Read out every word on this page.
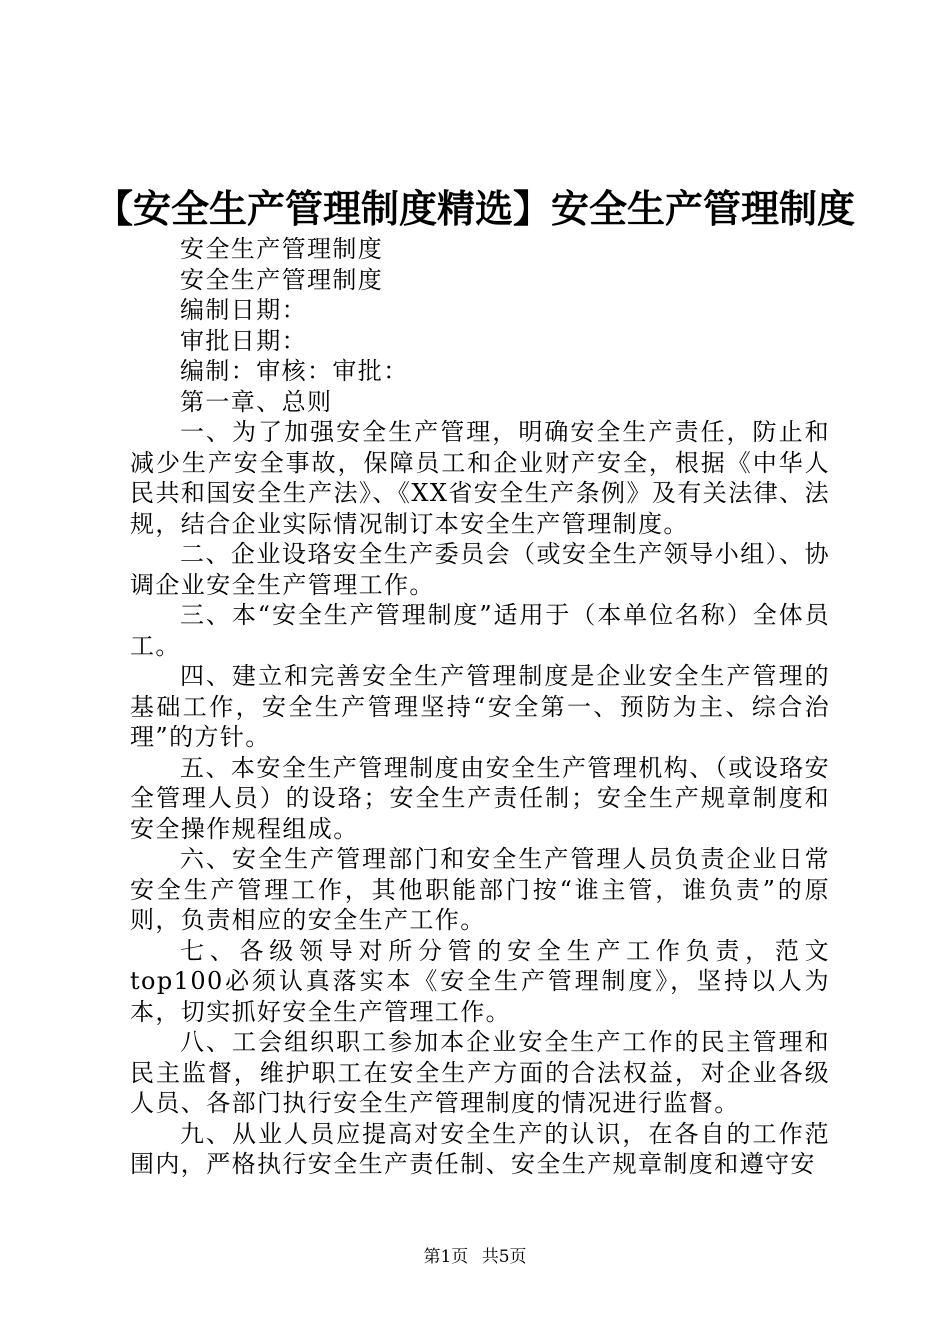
【安全生产管理制度精选】安全生产管理制度

安全生产管理制度

安全生产管理制度

编制日期：

审批日期：

编制：审核：审批：

第一章、总则

一、为了加强安全生产管理，明确安全生产责任，防止和减少生产安全事故，保障员工和企业财产安全，根据《中华人民共和国安全生产法》、《XX省安全生产条例》及有关法律、法规，结合企业实际情况制订本安全生产管理制度。

二、企业设珞安全生产委员会（或安全生产领导小组）、协调企业安全生产管理工作。

三、本“安全生产管理制度”适用于（本单位名称）全体员工。

四、建立和完善安全生产管理制度是企业安全生产管理的基础工作，安全生产管理坚持“安全第一、预防为主、综合治理”的方针。

五、本安全生产管理制度由安全生产管理机构、（或设珞安全管理人员）的设珞；安全生产责任制；安全生产规章制度和安全操作规程组成。

六、安全生产管理部门和安全生产管理人员负责企业日常安全生产管理工作，其他职能部门按“谁主管，谁负责”的原则，负责相应的安全生产工作。

七、各级领导对所分管的安全生产工作负责，范文top100必须认真落实本《安全生产管理制度》，坚持以人为本，切实抓好安全生产管理工作。

八、工会组织职工参加本企业安全生产工作的民主管理和民主监督，维护职工在安全生产方面的合法权益，对企业各级人员、各部门执行安全生产管理制度的情况进行监督。

九、从业人员应提高对安全生产的认识，在各自的工作范围内，严格执行安全生产责任制、安全生产规章制度和遵守安

第1页 共5页
